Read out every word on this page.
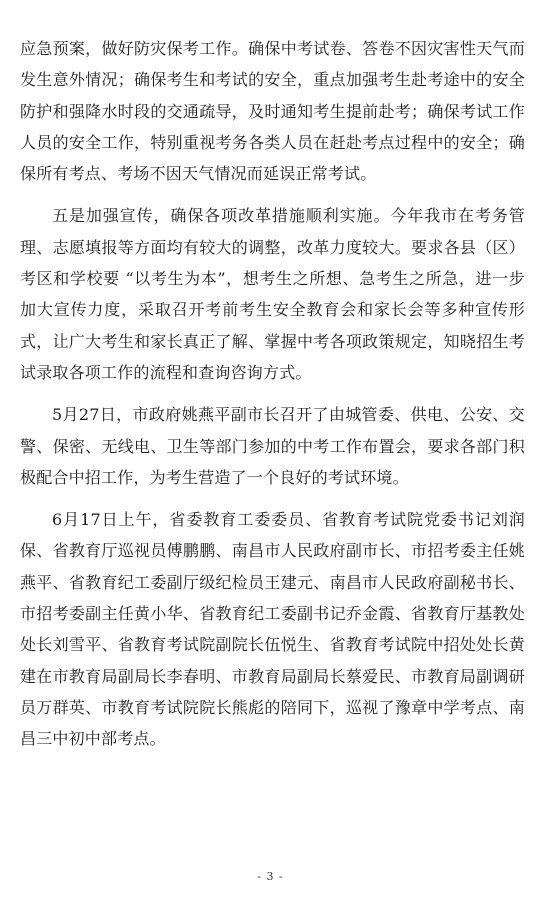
应急预案，做好防灾保考工作。确保中考试卷、答卷不因灾害性天气而发生意外情况；确保考生和考试的安全，重点加强考生赴考途中的安全防护和强降水时段的交通疏导，及时通知考生提前赴考；确保考试工作人员的安全工作，特别重视考务各类人员在赶赴考点过程中的安全；确保所有考点、考场不因天气情况而延误正常考试。

五是加强宣传，确保各项改革措施顺利实施。今年我市在考务管理、志愿填报等方面均有较大的调整，改革力度较大。要求各县（区）考区和学校要 “以考生为本”，想考生之所想、急考生之所急，进一步加大宣传力度，采取召开考前考生安全教育会和家长会等多种宣传形式，让广大考生和家长真正了解、掌握中考各项政策规定，知晓招生考试录取各项工作的流程和查询咨询方式。

5月27日，市政府姚燕平副市长召开了由城管委、供电、公安、交警、保密、无线电、卫生等部门参加的中考工作布置会，要求各部门积极配合中招工作，为考生营造了一个良好的考试环境。

6月17日上午，省委教育工委委员、省教育考试院党委书记刘润保、省教育厅巡视员傅鹏鹏、南昌市人民政府副市长、市招考委主任姚燕平、省教育纪工委副厅级纪检员王建元、南昌市人民政府副秘书长、市招考委副主任黄小华、省教育纪工委副书记乔金霞、省教育厅基教处处长刘雪平、省教育考试院副院长伍悦生、省教育考试院中招处处长黄建在市教育局副局长李春明、市教育局副局长蔡爱民、市教育局副调研员万群英、市教育考试院院长熊彪的陪同下，巡视了豫章中学考点、南昌三中初中部考点。

- 3 -
